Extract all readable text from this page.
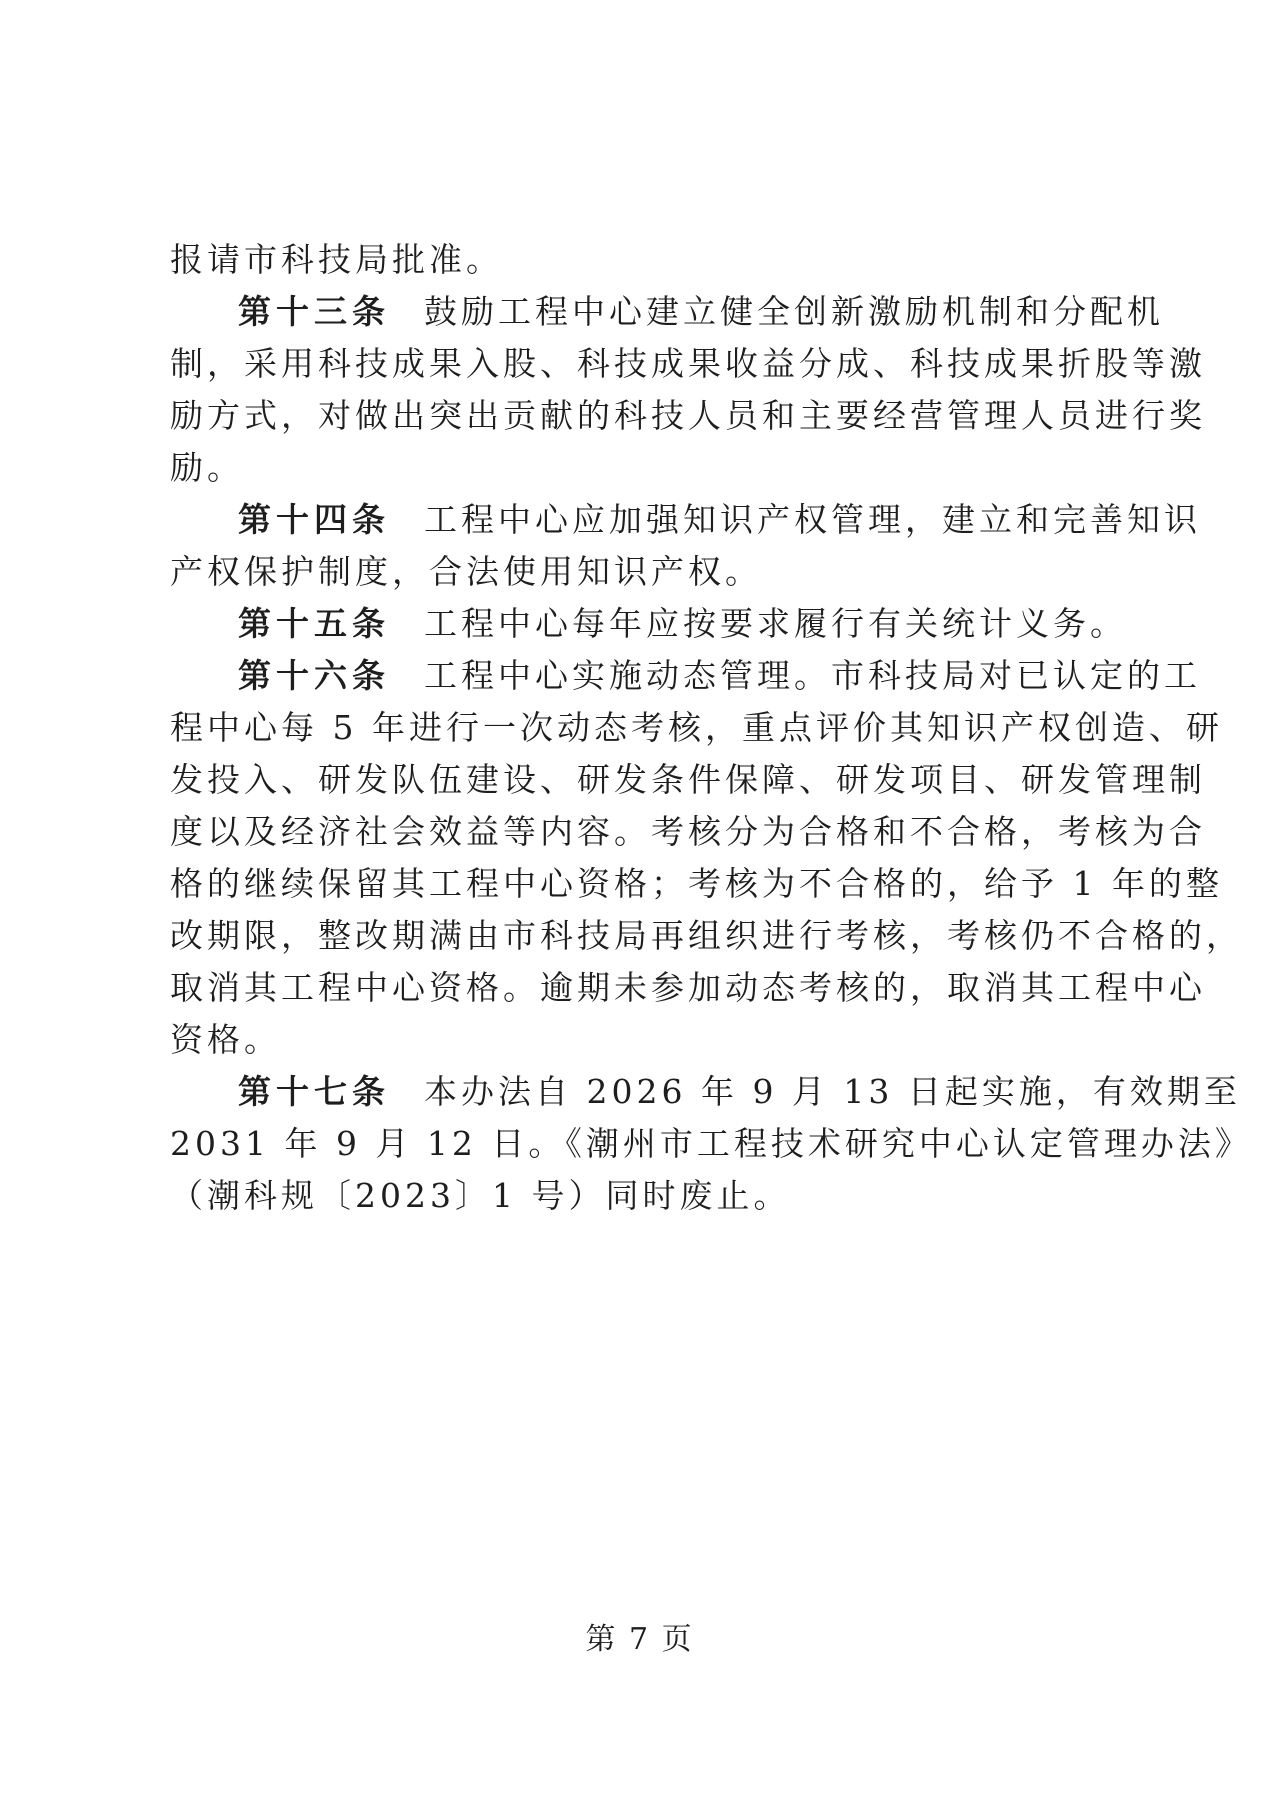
报请市科技局批准。
第十三条 鼓励工程中心建立健全创新激励机制和分配机
制，采用科技成果入股、科技成果收益分成、科技成果折股等激
励方式，对做出突出贡献的科技人员和主要经营管理人员进行奖
励。
第十四条 工程中心应加强知识产权管理，建立和完善知识
产权保护制度，合法使用知识产权。
第十五条 工程中心每年应按要求履行有关统计义务。
第十六条 工程中心实施动态管理。市科技局对已认定的工
程中心每 5 年进行一次动态考核，重点评价其知识产权创造、研
发投入、研发队伍建设、研发条件保障、研发项目、研发管理制
度以及经济社会效益等内容。考核分为合格和不合格，考核为合
格的继续保留其工程中心资格；考核为不合格的，给予 1 年的整
改期限，整改期满由市科技局再组织进行考核，考核仍不合格的，
取消其工程中心资格。逾期未参加动态考核的，取消其工程中心
资格。
第十七条 本办法自 2026 年 9 月 13 日起实施，有效期至
2031 年 9 月 12 日。《潮州市工程技术研究中心认定管理办法》
（潮科规〔2023〕1 号）同时废止。
第 7 页
